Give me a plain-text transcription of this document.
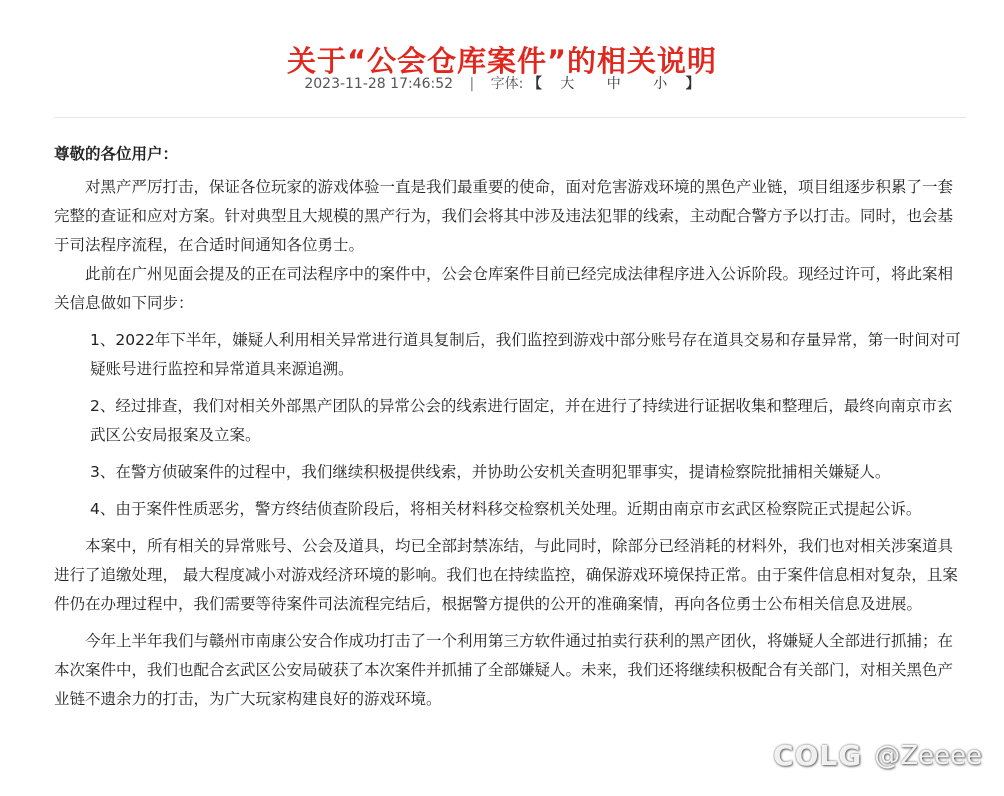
关于“公会仓库案件”的相关说明
2023-11-28 17:46:52 | 字体: 【 大 中 小 】

尊敬的各位用户：

对黑产严厉打击，保证各位玩家的游戏体验一直是我们最重要的使命，面对危害游戏环境的黑色产业链，项目组逐步积累了一套完整的查证和应对方案。针对典型且大规模的黑产行为，我们会将其中涉及违法犯罪的线索，主动配合警方予以打击。同时，也会基于司法程序流程，在合适时间通知各位勇士。

此前在广州见面会提及的正在司法程序中的案件中，公会仓库案件目前已经完成法律程序进入公诉阶段。现经过许可，将此案相关信息做如下同步：

1、2022年下半年，嫌疑人利用相关异常进行道具复制后，我们监控到游戏中部分账号存在道具交易和存量异常，第一时间对可疑账号进行监控和异常道具来源追溯。

2、经过排查，我们对相关外部黑产团队的异常公会的线索进行固定，并在进行了持续进行证据收集和整理后，最终向南京市玄武区公安局报案及立案。

3、在警方侦破案件的过程中，我们继续积极提供线索，并协助公安机关查明犯罪事实，提请检察院批捕相关嫌疑人。

4、由于案件性质恶劣，警方终结侦查阶段后，将相关材料移交检察机关处理。近期由南京市玄武区检察院正式提起公诉。

本案中，所有相关的异常账号、公会及道具，均已全部封禁冻结，与此同时，除部分已经消耗的材料外，我们也对相关涉案道具进行了追缴处理， 最大程度减小对游戏经济环境的影响。我们也在持续监控，确保游戏环境保持正常。由于案件信息相对复杂，且案件仍在办理过程中，我们需要等待案件司法流程完结后，根据警方提供的公开的准确案情，再向各位勇士公布相关信息及进展。

今年上半年我们与赣州市南康公安合作成功打击了一个利用第三方软件通过拍卖行获利的黑产团伙，将嫌疑人全部进行抓捕；在本次案件中，我们也配合玄武区公安局破获了本次案件并抓捕了全部嫌疑人。未来，我们还将继续积极配合有关部门，对相关黑色产业链不遗余力的打击，为广大玩家构建良好的游戏环境。

COLG @Zeeee
